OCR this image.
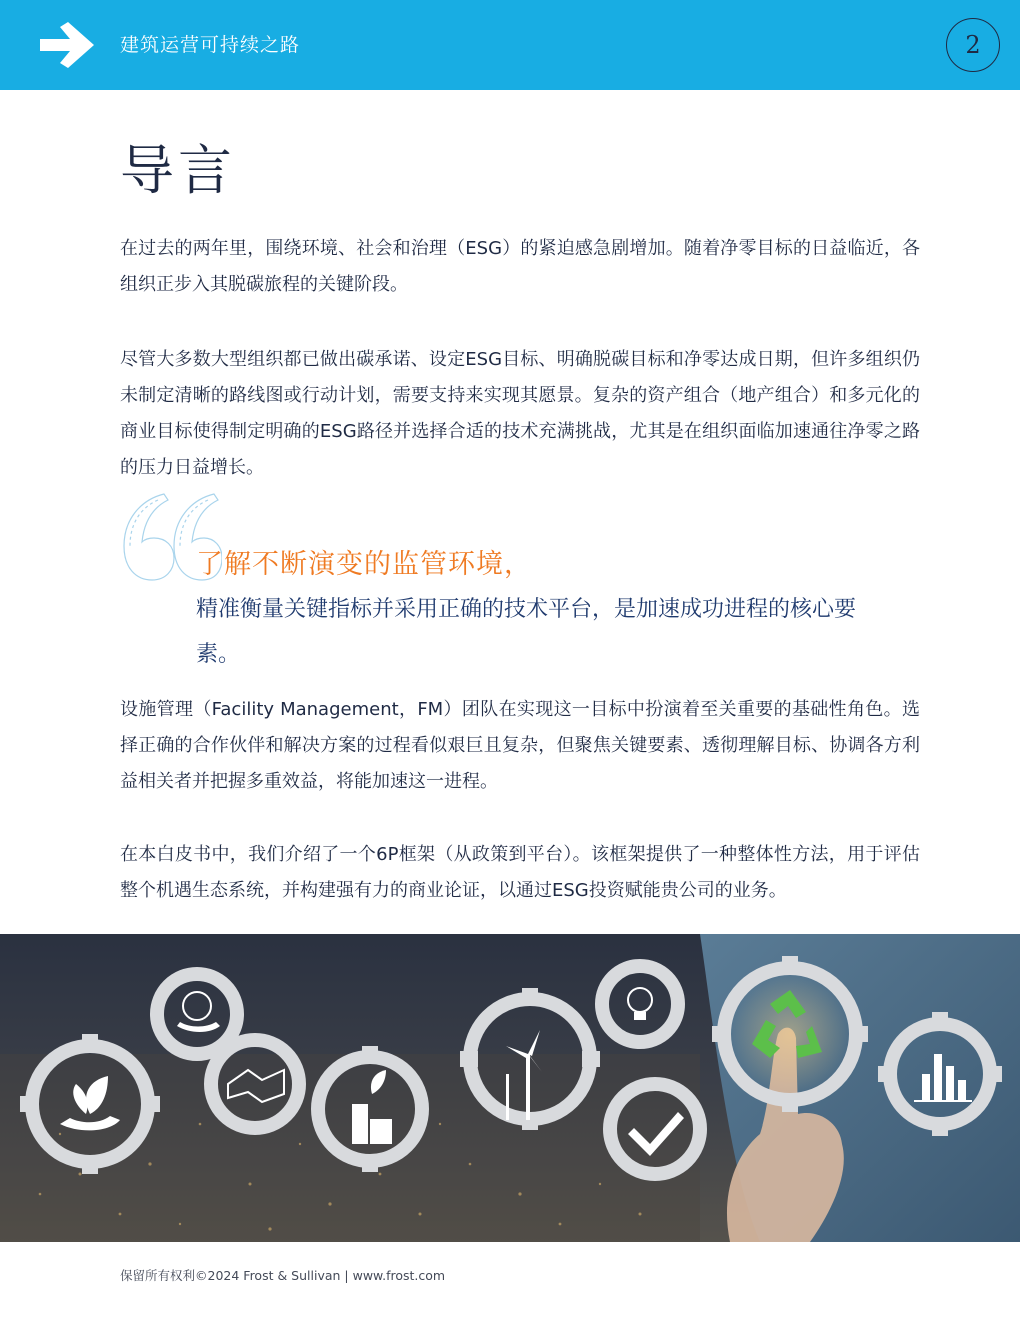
建筑运营可持续之路	2
导言

在过去的两年里，围绕环境、社会和治理（ESG）的紧迫感急剧增加。随着净零目标的日益临近，各组织正步入其脱碳旅程的关键阶段。

尽管大多数大型组织都已做出碳承诺、设定ESG目标、明确脱碳目标和净零达成日期，但许多组织仍未制定清晰的路线图或行动计划，需要支持来实现其愿景。复杂的资产组合（地产组合）和多元化的商业目标使得制定明确的ESG路径并选择合适的技术充满挑战，尤其是在组织面临加速通往净零之路的压力日益增长。

了解不断演变的监管环境，
精准衡量关键指标并采用正确的技术平台，是加速成功进程的核心要素。

设施管理（Facility Management，FM）团队在实现这一目标中扮演着至关重要的基础性角色。选择正确的合作伙伴和解决方案的过程看似艰巨且复杂，但聚焦关键要素、透彻理解目标、协调各方利益相关者并把握多重效益，将能加速这一进程。

在本白皮书中，我们介绍了一个6P框架（从政策到平台）。该框架提供了一种整体性方法，用于评估整个机遇生态系统，并构建强有力的商业论证，以通过ESG投资赋能贵公司的业务。

保留所有权利©2024 Frost & Sullivan | www.frost.com
